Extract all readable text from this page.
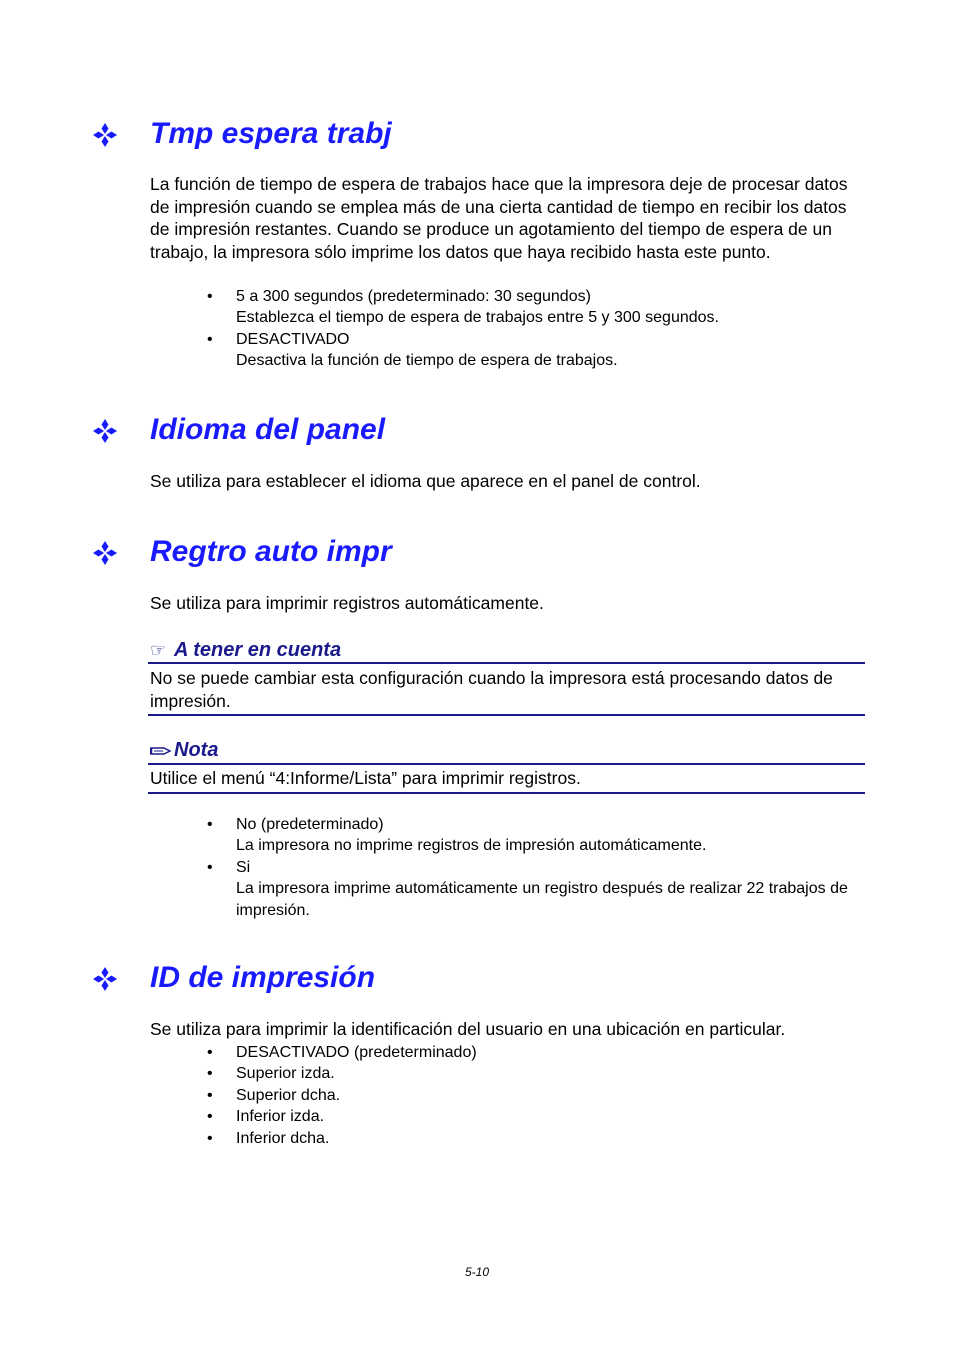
Tmp espera trabj
La función de tiempo de espera de trabajos hace que la impresora deje de procesar datos de impresión cuando se emplea más de una cierta cantidad de tiempo en recibir los datos de impresión restantes. Cuando se produce un agotamiento del tiempo de espera de un trabajo, la impresora sólo imprime los datos que haya recibido hasta este punto.
• 5 a 300 segundos (predeterminado: 30 segundos)
Establezca el tiempo de espera de trabajos entre 5 y 300 segundos.
• DESACTIVADO
Desactiva la función de tiempo de espera de trabajos.
Idioma del panel
Se utiliza para establecer el idioma que aparece en el panel de control.
Regtro auto impr
Se utiliza para imprimir registros automáticamente.
☞ A tener en cuenta
No se puede cambiar esta configuración cuando la impresora está procesando datos de impresión.
Nota
Utilice el menú “4:Informe/Lista” para imprimir registros.
• No (predeterminado)
La impresora no imprime registros de impresión automáticamente.
• Si
La impresora imprime automáticamente un registro después de realizar 22 trabajos de impresión.
ID de impresión
Se utiliza para imprimir la identificación del usuario en una ubicación en particular.
• DESACTIVADO (predeterminado)
• Superior izda.
• Superior dcha.
• Inferior izda.
• Inferior dcha.
5-10
